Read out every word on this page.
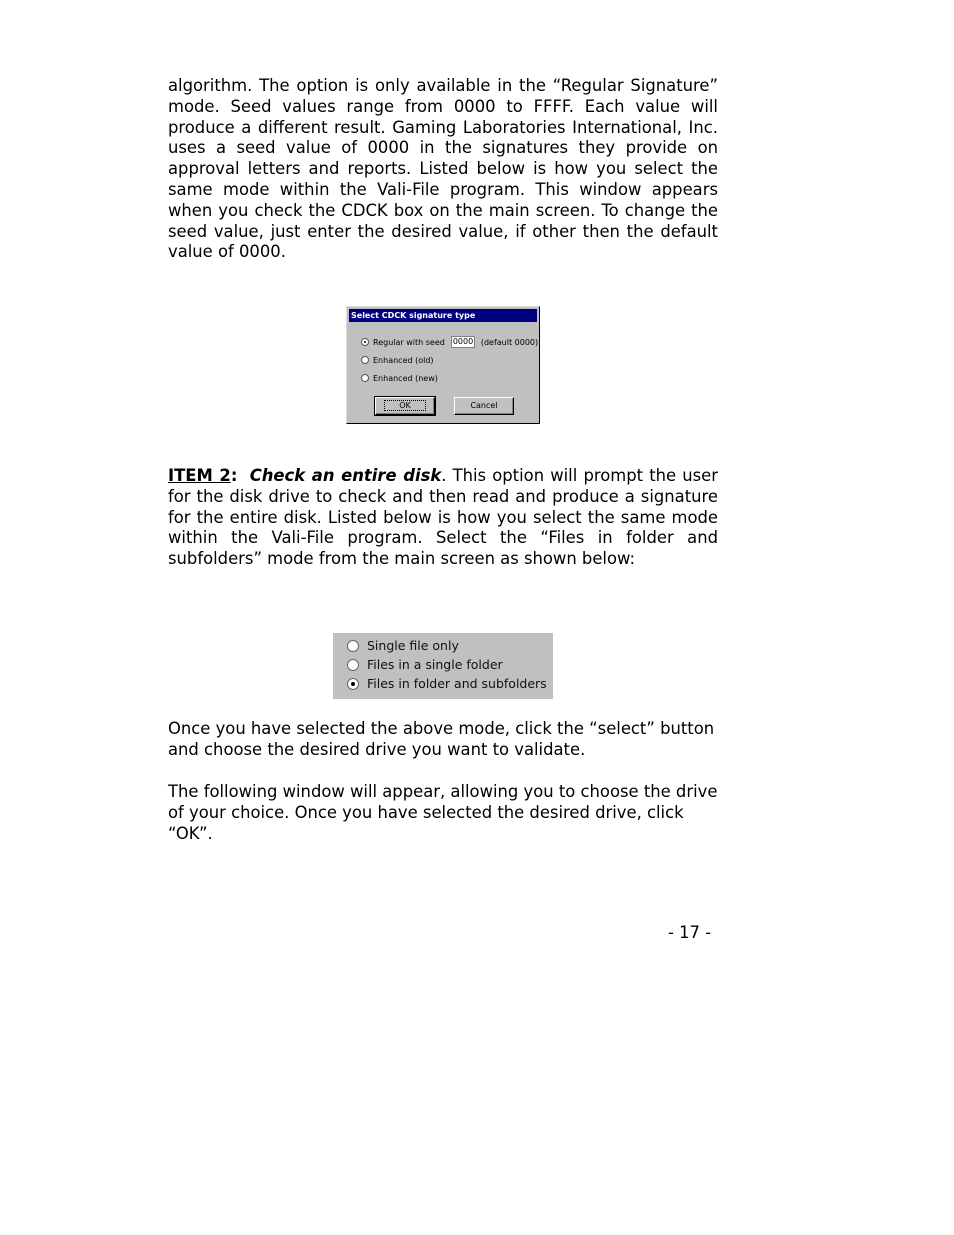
algorithm. The option is only available in the “Regular Signature” mode. Seed values range from 0000 to FFFF. Each value will produce a different result. Gaming Laboratories International, Inc. uses a seed value of 0000 in the signatures they provide on approval letters and reports. Listed below is how you select the same mode within the Vali-File program. This window appears when you check the CDCK box on the main screen. To change the seed value, just enter the desired value, if other then the default value of 0000.

Select CDCK signature type
Regular with seed 0000 (default 0000)
Enhanced (old)
Enhanced (new)
OK	Cancel

ITEM 2: Check an entire disk. This option will prompt the user for the disk drive to check and then read and produce a signature for the entire disk. Listed below is how you select the same mode within the Vali-File program. Select the “Files in folder and subfolders” mode from the main screen as shown below:

Single file only
Files in a single folder
Files in folder and subfolders

Once you have selected the above mode, click the “select” button and choose the desired drive you want to validate.

The following window will appear, allowing you to choose the drive of your choice. Once you have selected the desired drive, click “OK”.

- 17 -
